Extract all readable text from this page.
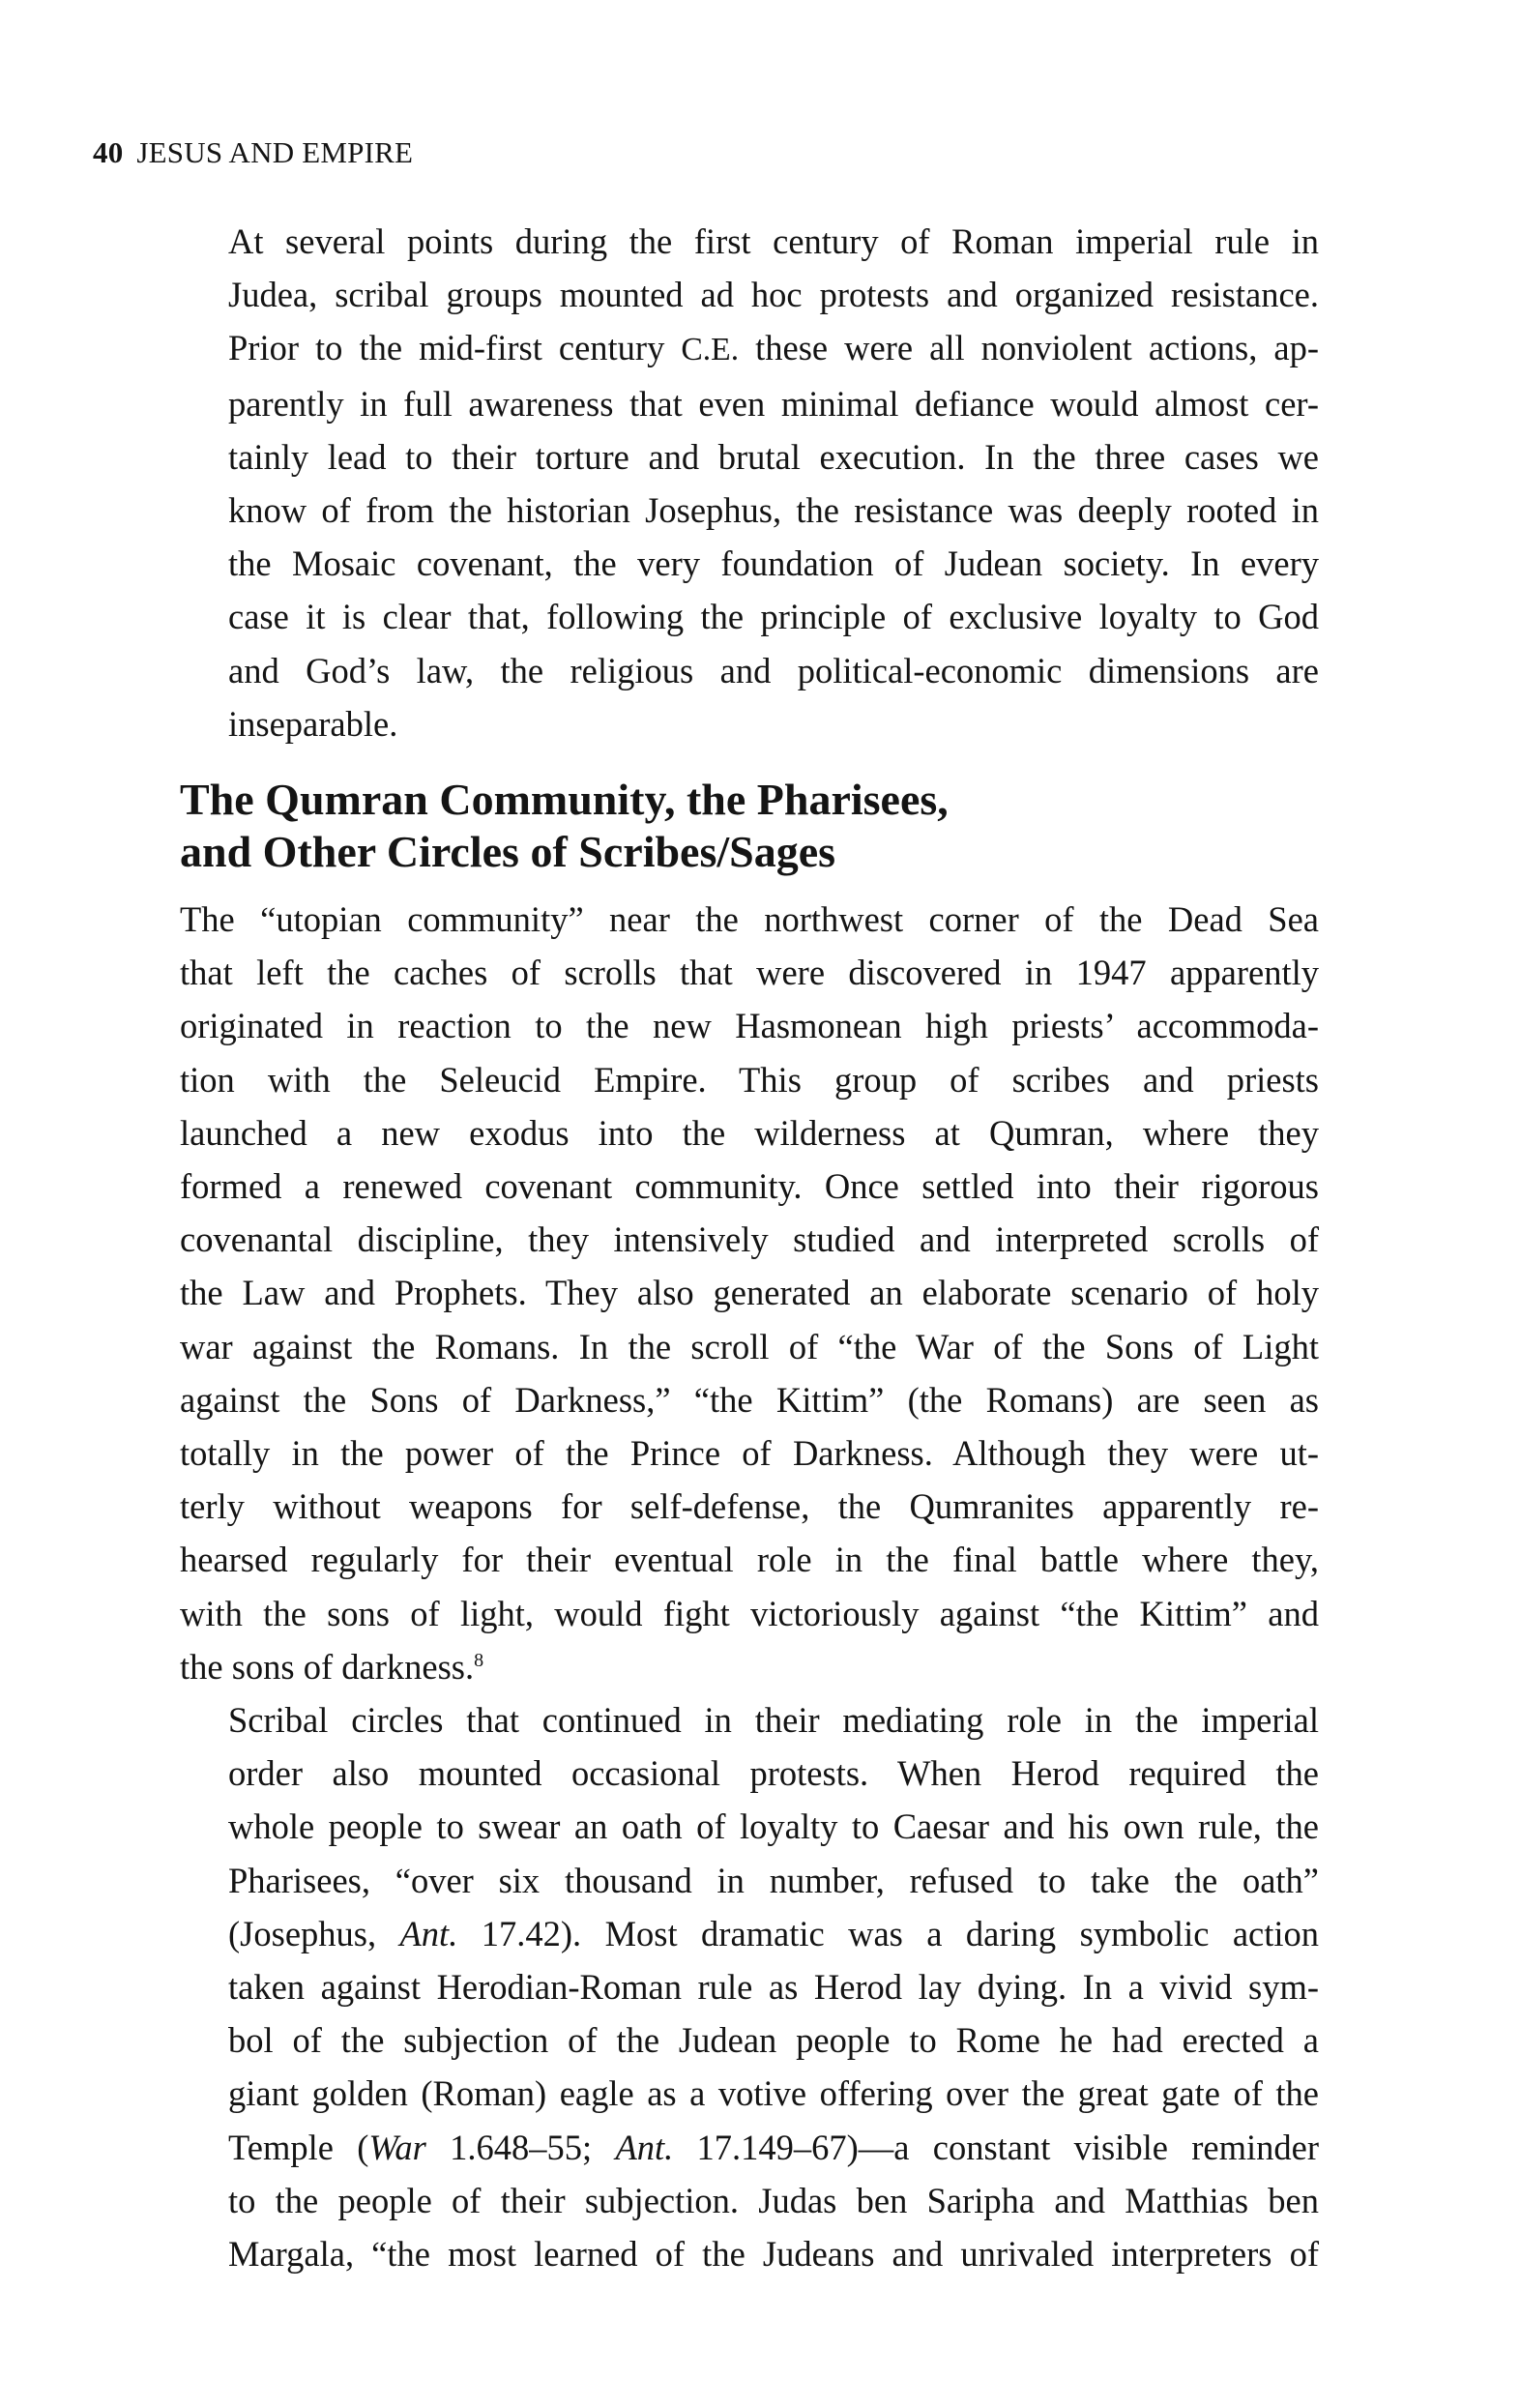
40 JESUS AND EMPIRE

At several points during the first century of Roman imperial rule in
Judea, scribal groups mounted ad hoc protests and organized resistance.
Prior to the mid-first century C.E. these were all nonviolent actions, ap-
parently in full awareness that even minimal defiance would almost cer-
tainly lead to their torture and brutal execution. In the three cases we
know of from the historian Josephus, the resistance was deeply rooted in
the Mosaic covenant, the very foundation of Judean society. In every
case it is clear that, following the principle of exclusive loyalty to God
and God’s law, the religious and political-economic dimensions are
inseparable.

The Qumran Community, the Pharisees,
and Other Circles of Scribes/Sages

The “utopian community” near the northwest corner of the Dead Sea
that left the caches of scrolls that were discovered in 1947 apparently
originated in reaction to the new Hasmonean high priests’ accommoda-
tion with the Seleucid Empire. This group of scribes and priests
launched a new exodus into the wilderness at Qumran, where they
formed a renewed covenant community. Once settled into their rigorous
covenantal discipline, they intensively studied and interpreted scrolls of
the Law and Prophets. They also generated an elaborate scenario of holy
war against the Romans. In the scroll of “the War of the Sons of Light
against the Sons of Darkness,” “the Kittim” (the Romans) are seen as
totally in the power of the Prince of Darkness. Although they were ut-
terly without weapons for self-defense, the Qumranites apparently re-
hearsed regularly for their eventual role in the final battle where they,
with the sons of light, would fight victoriously against “the Kittim” and
the sons of darkness.$^8$

Scribal circles that continued in their mediating role in the imperial
order also mounted occasional protests. When Herod required the
whole people to swear an oath of loyalty to Caesar and his own rule, the
Pharisees, “over six thousand in number, refused to take the oath”
(Josephus, Ant. 17.42). Most dramatic was a daring symbolic action
taken against Herodian-Roman rule as Herod lay dying. In a vivid sym-
bol of the subjection of the Judean people to Rome he had erected a
giant golden (Roman) eagle as a votive offering over the great gate of the
Temple (War 1.648–55; Ant. 17.149–67)—a constant visible reminder
to the people of their subjection. Judas ben Saripha and Matthias ben
Margala, “the most learned of the Judeans and unrivaled interpreters of
